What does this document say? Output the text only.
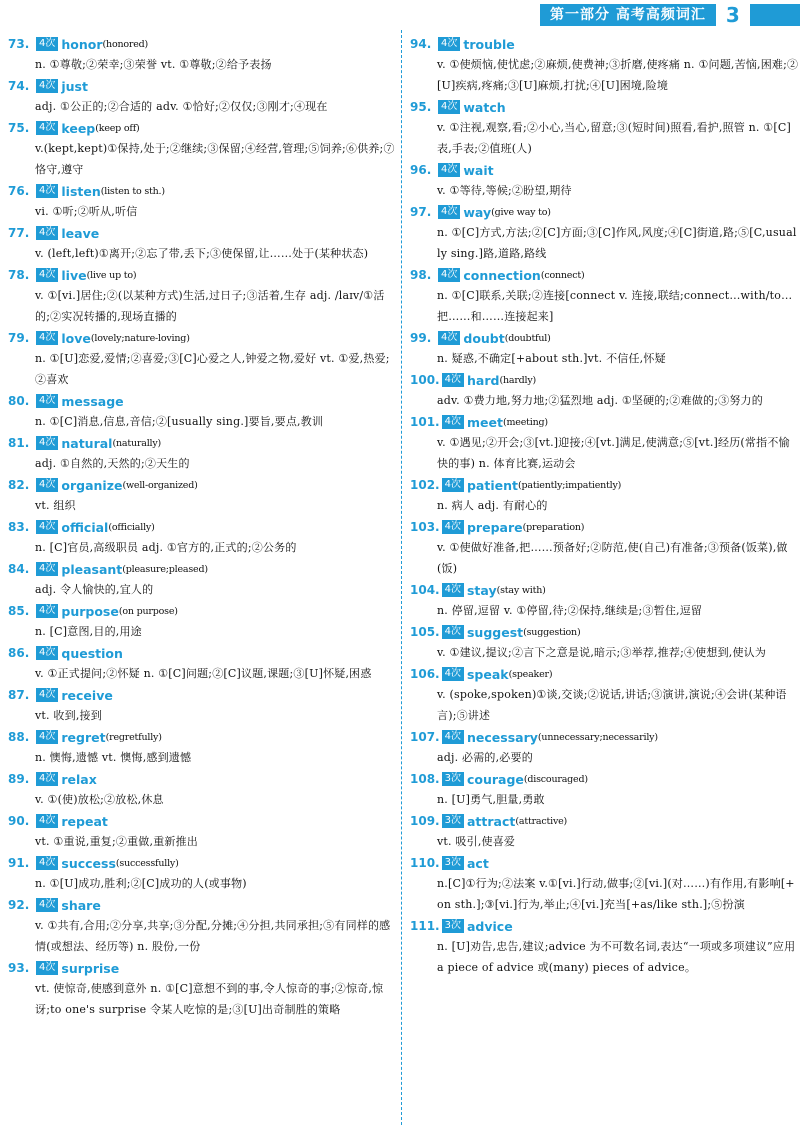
第一部分 高考高频词汇	3
73. 4次 honor (honored)
n. ①尊敬;②荣幸;③荣誉 vt. ①尊敬;②给予表扬
74. 4次 just
adj. ①公正的;②合适的 adv. ①恰好;②仅仅;③刚才;④现在
75. 4次 keep (keep off)
v.(kept,kept)①保持,处于;②继续;③保留;④经营,管理;⑤饲养;⑥供养;⑦恪守,遵守
76. 4次 listen (listen to sth.)
vi. ①听;②听从,听信
77. 4次 leave
v. (left,left)①离开;②忘了带,丢下;③使保留,让……处于(某种状态)
78. 4次 live (live up to)
v. ①[vi.]居住;②(以某种方式)生活,过日子;③活着,生存 adj. /laɪv/①活的;②实况转播的,现场直播的
79. 4次 love (lovely;nature-loving)
n. ①[U]恋爱,爱情;②喜爱;③[C]心爱之人,钟爱之物,爱好 vt. ①爱,热爱;②喜欢
80. 4次 message
n. ①[C]消息,信息,音信;②[usually sing.]要旨,要点,教训
81. 4次 natural (naturally)
adj. ①自然的,天然的;②天生的
82. 4次 organize (well-organized)
vt. 组织
83. 4次 official (officially)
n. [C]官员,高级职员 adj. ①官方的,正式的;②公务的
84. 4次 pleasant (pleasure;pleased)
adj. 令人愉快的,宜人的
85. 4次 purpose (on purpose)
n. [C]意图,目的,用途
86. 4次 question
v. ①正式提问;②怀疑 n. ①[C]问题;②[C]议题,课题;③[U]怀疑,困惑
87. 4次 receive
vt. 收到,接到
88. 4次 regret (regretfully)
n. 懊悔,遗憾 vt. 懊悔,感到遗憾
89. 4次 relax
v. ①(使)放松;②放松,休息
90. 4次 repeat
vt. ①重说,重复;②重做,重新推出
91. 4次 success (successfully)
n. ①[U]成功,胜利;②[C]成功的人(或事物)
92. 4次 share
v. ①共有,合用;②分享,共享;③分配,分摊;④分担,共同承担;⑤有同样的感情(或想法、经历等) n. 股份,一份
93. 4次 surprise
vt. 使惊奇,使感到意外 n. ①[C]意想不到的事,令人惊奇的事;②惊奇,惊讶;to one's surprise 令某人吃惊的是;③[U]出奇制胜的策略
94. 4次 trouble
v. ①使烦恼,使忧虑;②麻烦,使费神;③折磨,使疼痛 n. ①问题,苦恼,困难;②[U]疾病,疼痛;③[U]麻烦,打扰;④[U]困境,险境
95. 4次 watch
v. ①注视,观察,看;②小心,当心,留意;③(短时间)照看,看护,照管 n. ①[C]表,手表;②值班(人)
96. 4次 wait
v. ①等待,等候;②盼望,期待
97. 4次 way (give way to)
n. ①[C]方式,方法;②[C]方面;③[C]作风,风度;④[C]街道,路;⑤[C,usually sing.]路,道路,路线
98. 4次 connection (connect)
n. ①[C]联系,关联;②连接[connect v. 连接,联结;connect…with/to…把……和……连接起来]
99. 4次 doubt (doubtful)
n. 疑惑,不确定[+about sth.]vt. 不信任,怀疑
100. 4次 hard (hardly)
adv. ①费力地,努力地;②猛烈地 adj. ①坚硬的;②难做的;③努力的
101. 4次 meet (meeting)
v. ①遇见;②开会;③[vt.]迎接;④[vt.]满足,使满意;⑤[vt.]经历(常指不愉快的事) n. 体育比赛,运动会
102. 4次 patient (patiently;impatiently)
n. 病人 adj. 有耐心的
103. 4次 prepare (preparation)
v. ①使做好准备,把……预备好;②防范,使(自己)有准备;③预备(饭菜),做(饭)
104. 4次 stay (stay with)
n. 停留,逗留 v. ①停留,待;②保持,继续是;③暂住,逗留
105. 4次 suggest (suggestion)
v. ①建议,提议;②言下之意是说,暗示;③举荐,推荐;④使想到,使认为
106. 4次 speak (speaker)
v. (spoke,spoken)①谈,交谈;②说话,讲话;③演讲,演说;④会讲(某种语言);⑤讲述
107. 4次 necessary (unnecessary;necessarily)
adj. 必需的,必要的
108. 3次 courage (discouraged)
n. [U]勇气,胆量,勇敢
109. 3次 attract (attractive)
vt. 吸引,使喜爱
110. 3次 act
n.[C]①行为;②法案 v.①[vi.]行动,做事;②[vi.](对……)有作用,有影响[+on sth.];③[vi.]行为,举止;④[vi.]充当[+as/like sth.];⑤扮演
111. 3次 advice
n. [U]劝告,忠告,建议;advice 为不可数名词,表达“一项或多项建议”应用 a piece of advice 或(many) pieces of advice。
